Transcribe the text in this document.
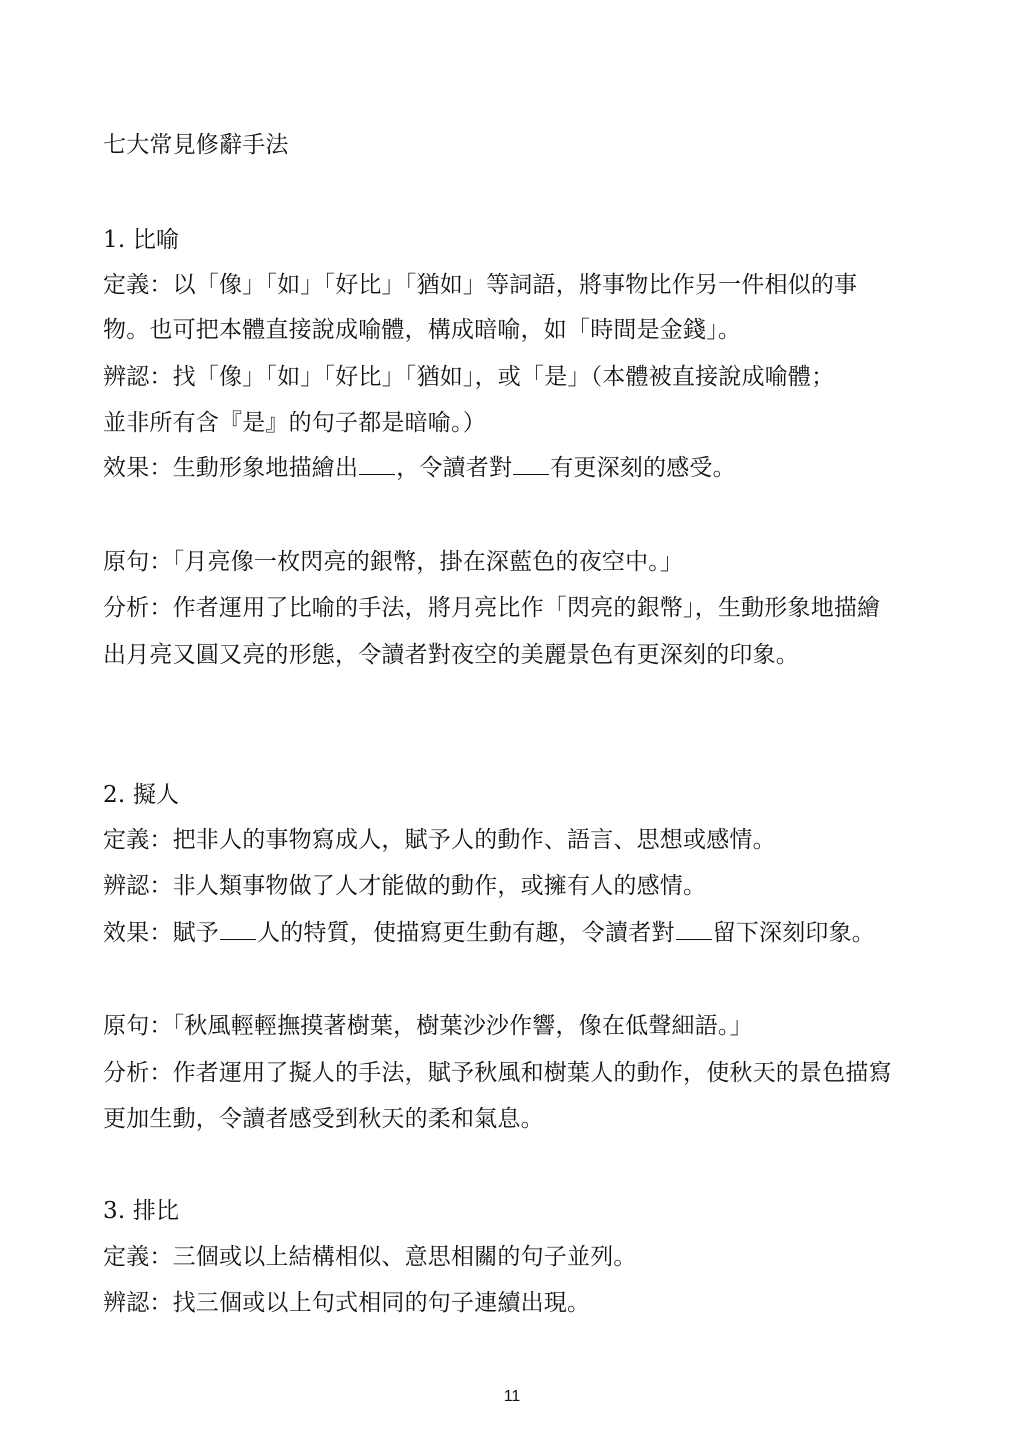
七大常見修辭手法
1. 比喻
定義：以「像」「如」「好比」「猶如」等詞語，將事物比作另一件相似的事
物。也可把本體直接說成喻體，構成暗喻，如「時間是金錢」。
辨認：找「像」「如」「好比」「猶如」，或「是」（本體被直接說成喻體；
並非所有含『是』的句子都是暗喻。）
效果：生動形象地描繪出 ，令讀者對 有更深刻的感受。
原句：「月亮像一枚閃亮的銀幣，掛在深藍色的夜空中。」
分析：作者運用了比喻的手法，將月亮比作「閃亮的銀幣」，生動形象地描繪
出月亮又圓又亮的形態，令讀者對夜空的美麗景色有更深刻的印象。
2. 擬人
定義：把非人的事物寫成人，賦予人的動作、語言、思想或感情。
辨認：非人類事物做了人才能做的動作，或擁有人的感情。
效果：賦予 人的特質，使描寫更生動有趣，令讀者對 留下深刻印象。
原句：「秋風輕輕撫摸著樹葉，樹葉沙沙作響，像在低聲細語。」
分析：作者運用了擬人的手法，賦予秋風和樹葉人的動作，使秋天的景色描寫
更加生動，令讀者感受到秋天的柔和氣息。
3. 排比
定義：三個或以上結構相似、意思相關的句子並列。
辨認：找三個或以上句式相同的句子連續出現。
11
